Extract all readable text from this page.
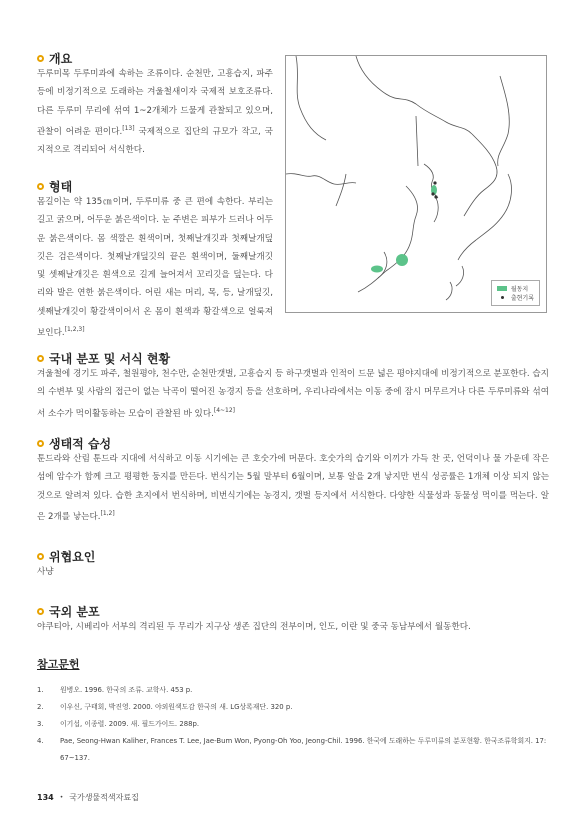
개요
두루미목 두루미과에 속하는 조류이다. 순천만, 고흥습지, 파주 등에 비정기적으로 도래하는 겨울철새이자 국제적 보호조류다. 다른 두루미 무리에 섞여 1~2개체가 드물게 관찰되고 있으며, 관찰이 어려운 편이다.[13] 국제적으로 집단의 규모가 작고, 국지적으로 격리되어 서식한다.
형태
몸길이는 약 135㎝이며, 두루미류 중 큰 편에 속한다. 부리는 길고 굵으며, 어두운 붉은색이다. 눈 주변은 피부가 드러나 어두운 붉은색이다. 몸 색깔은 흰색이며, 첫째날개깃과 첫째날개덮깃은 검은색이다. 첫째날개덮깃의 끝은 흰색이며, 둘째날개깃 및 셋째날개깃은 흰색으로 길게 늘어져서 꼬리깃을 덮는다. 다리와 발은 연한 붉은색이다. 어린 새는 머리, 목, 등, 날개덮깃, 셋째날개깃이 황갈색이어서 온 몸이 흰색과 황갈색으로 얼룩져 보인다.[1,2,3]
월동지
출현기록
국내 분포 및 서식 현황
겨울철에 경기도 파주, 철원평야, 천수만, 순천만갯벌, 고흥습지 등 하구갯벌과 인적이 드문 넓은 평야지대에 비정기적으로 분포한다. 습지의 수변부 및 사람의 접근이 없는 낙곡이 떨어진 농경지 등을 선호하며, 우리나라에서는 이동 중에 잠시 머무르거나 다른 두루미류와 섞여서 소수가 먹이활동하는 모습이 관찰된 바 있다.[4~12]
생태적 습성
툰드라와 산림 툰드라 지대에 서식하고 이동 시기에는 큰 호숫가에 머문다. 호숫가의 습기와 이끼가 가득 찬 곳, 언덕이나 물 가운데 작은 섬에 암수가 함께 크고 평평한 둥지를 만든다. 번식기는 5월 말부터 6월이며, 보통 알을 2개 낳지만 번식 성공률은 1개체 이상 되지 않는 것으로 알려져 있다. 습한 초지에서 번식하며, 비번식기에는 농경지, 갯벌 등지에서 서식한다. 다양한 식물성과 동물성 먹이를 먹는다. 알은 2개를 낳는다.[1,2]
위협요인
사냥
국외 분포
야쿠티아, 시베리아 서부의 격리된 두 무리가 지구상 생존 집단의 전부이며, 인도, 이란 및 중국 동남부에서 월동한다.
참고문헌
1.	원병오. 1996. 한국의 조류. 교학사. 453 p.
2.	이우신, 구태회, 박진영. 2000. 야외원색도감 한국의 새. LG상록재단. 320 p.
3.	이기섭, 이종렬. 2009. 새. 필드가이드. 288p.
4.	Pae, Seong-Hwan Kaliher, Frances T. Lee, Jae-Bum Won, Pyong-Oh Yoo, Jeong-Chil. 1996. 한국에 도래하는 두루미류의 분포현황. 한국조류학회지. 17: 67~137.
134 • 국가생물적색자료집
